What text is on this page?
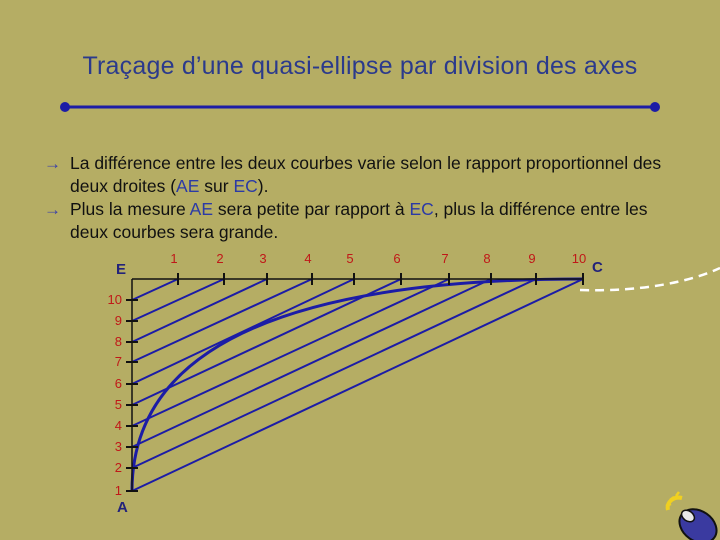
Traçage d’une quasi-ellipse par division des axes
→ La différence entre les deux courbes varie selon le rapport proportionnel des deux droites (AE sur EC).
→ Plus la mesure AE sera petite par rapport à EC, plus la différence entre les deux courbes sera grande.
1	2	3	4	5	6	7	8	9	10
10
9
8
7
6
5
4
3
2
1
E
A
C
